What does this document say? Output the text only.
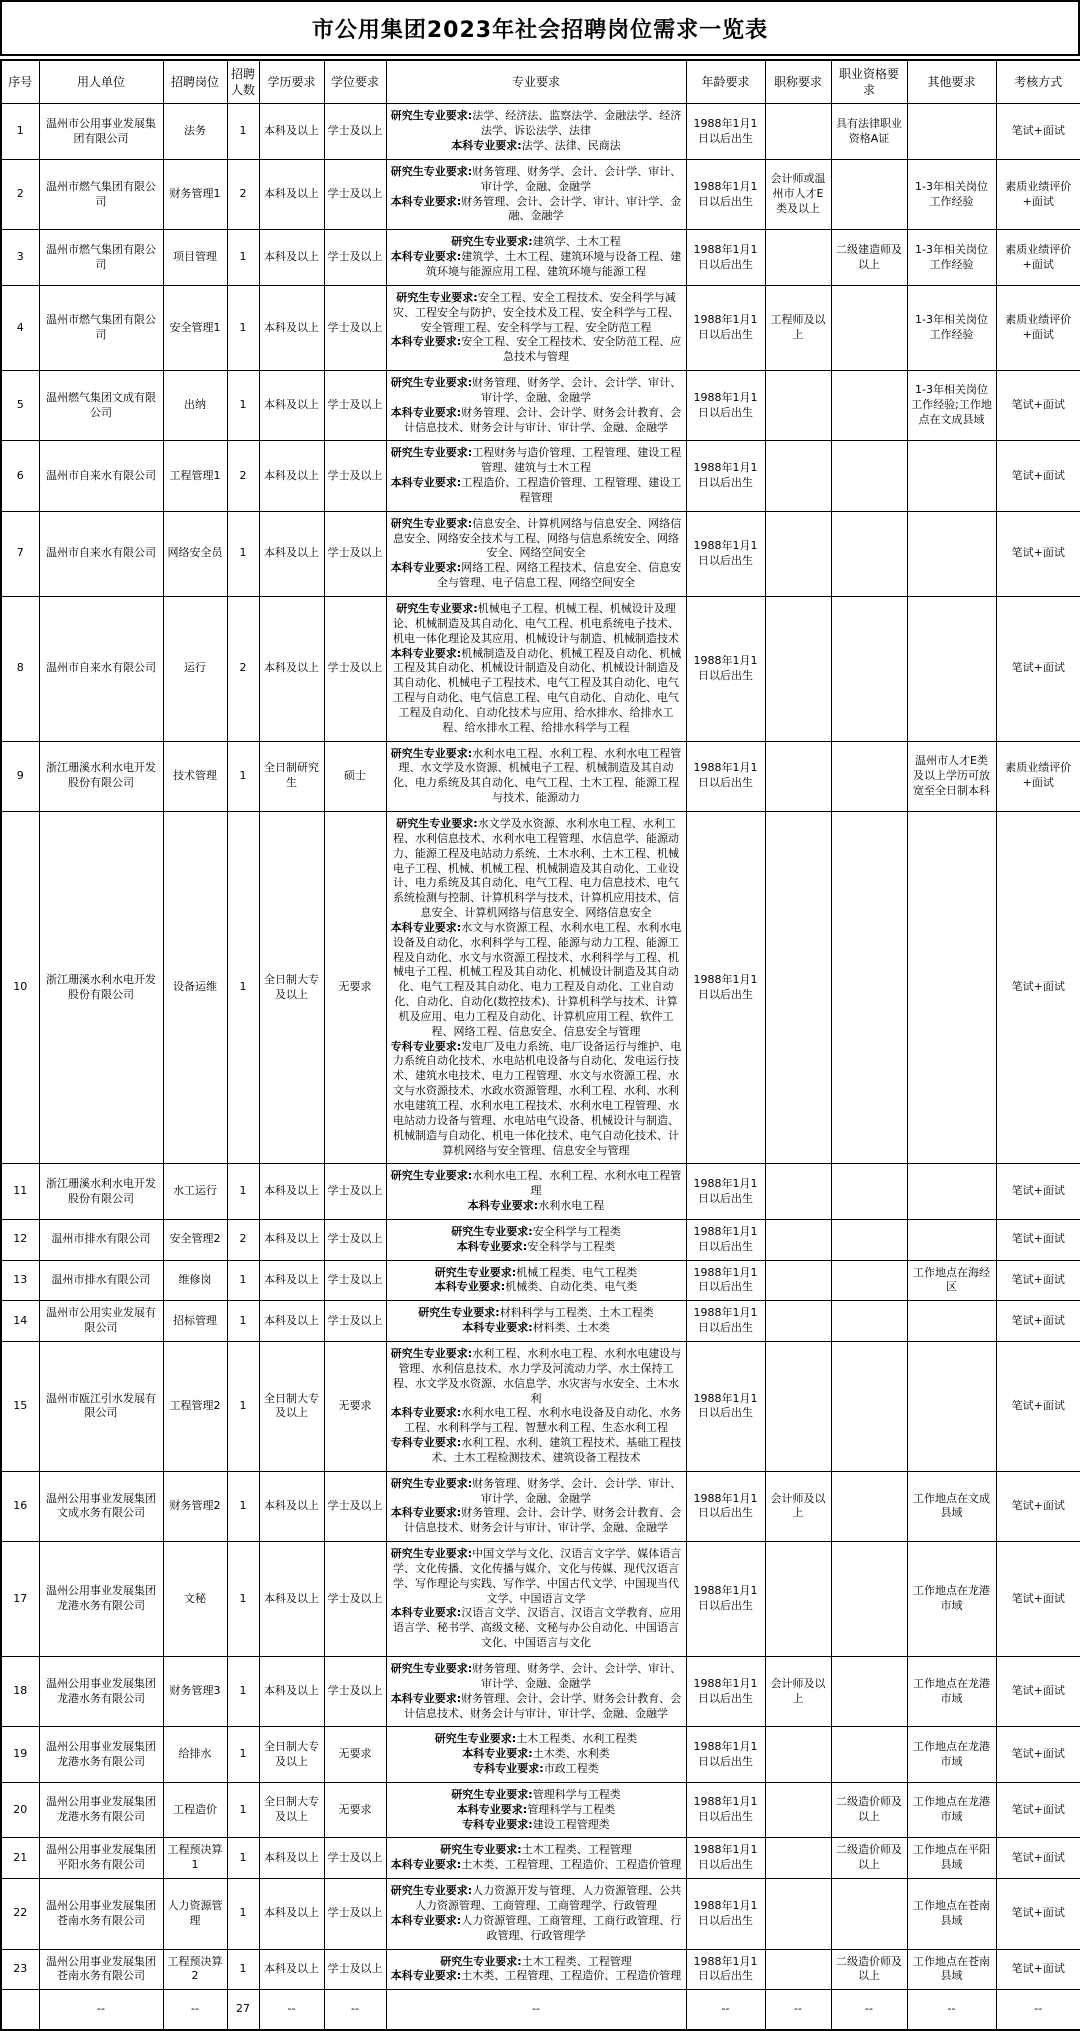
市公用集团2023年社会招聘岗位需求一览表
序号	用人单位	招聘岗位	招聘人数	学历要求	学位要求	专业要求	年龄要求	职称要求	职业资格要求	其他要求	考核方式
1	温州市公用事业发展集团有限公司	法务	1	本科及以上	学士及以上	研究生专业要求:法学、经济法、监察法学、金融法学、经济法学、诉讼法学、法律
本科专业要求:法学、法律、民商法	1988年1月1日以后出生		具有法律职业资格A证		笔试+面试
2	温州市燃气集团有限公司	财务管理1	2	本科及以上	学士及以上	研究生专业要求:财务管理、财务学、会计、会计学、审计、审计学、金融、金融学
本科专业要求:财务管理、会计、会计学、审计、审计学、金融、金融学	1988年1月1日以后出生	会计师或温州市人才E类及以上		1-3年相关岗位工作经验	素质业绩评价+面试
3	温州市燃气集团有限公司	项目管理	1	本科及以上	学士及以上	研究生专业要求:建筑学、土木工程
本科专业要求:建筑学、土木工程、建筑环境与设备工程、建筑环境与能源应用工程、建筑环境与能源工程	1988年1月1日以后出生		二级建造师及以上	1-3年相关岗位工作经验	素质业绩评价+面试
4	温州市燃气集团有限公司	安全管理1	1	本科及以上	学士及以上	研究生专业要求:安全工程、安全工程技术、安全科学与减灾、工程安全与防护、安全技术及工程、安全科学与工程、安全管理工程、安全科学与工程、安全防范工程
本科专业要求:安全工程、安全工程技术、安全防范工程、应急技术与管理	1988年1月1日以后出生	工程师及以上		1-3年相关岗位工作经验	素质业绩评价+面试
5	温州燃气集团文成有限公司	出纳	1	本科及以上	学士及以上	研究生专业要求:财务管理、财务学、会计、会计学、审计、审计学、金融、金融学
本科专业要求:财务管理、会计、会计学、财务会计教育、会计信息技术、财务会计与审计、审计学、金融、金融学	1988年1月1日以后出生			1-3年相关岗位工作经验;工作地点在文成县域	笔试+面试
6	温州市自来水有限公司	工程管理1	2	本科及以上	学士及以上	研究生专业要求:工程财务与造价管理、工程管理、建设工程管理、建筑与土木工程
本科专业要求:工程造价、工程造价管理、工程管理、建设工程管理	1988年1月1日以后出生				笔试+面试
7	温州市自来水有限公司	网络安全员	1	本科及以上	学士及以上	研究生专业要求:信息安全、计算机网络与信息安全、网络信息安全、网络安全技术与工程、网络与信息系统安全、网络安全、网络空间安全
本科专业要求:网络工程、网络工程技术、信息安全、信息安全与管理、电子信息工程、网络空间安全	1988年1月1日以后出生				笔试+面试
8	温州市自来水有限公司	运行	2	本科及以上	学士及以上	研究生专业要求:机械电子工程、机械工程、机械设计及理论、机械制造及其自动化、电气工程、机电系统电子技术、机电一体化理论及其应用、机械设计与制造、机械制造技术
本科专业要求:机械制造及自动化、机械工程及自动化、机械工程及其自动化、机械设计制造及自动化、机械设计制造及其自动化、机械电子工程技术、电气工程及其自动化、电气工程与自动化、电气信息工程、电气自动化、自动化、电气工程及自动化、自动化技术与应用、给水排水、给排水工程、给水排水工程、给排水科学与工程	1988年1月1日以后出生				笔试+面试
9	浙江珊溪水利水电开发股份有限公司	技术管理	1	全日制研究生	硕士	研究生专业要求:水利水电工程、水利工程、水利水电工程管理、水文学及水资源、机械电子工程、机械制造及其自动化、电力系统及其自动化、电气工程、土木工程、能源工程与技术、能源动力	1988年1月1日以后出生			温州市人才E类及以上学历可放宽至全日制本科	素质业绩评价+面试
10	浙江珊溪水利水电开发股份有限公司	设备运维	1	全日制大专及以上	无要求	研究生专业要求:水文学及水资源、水利水电工程、水利工程、水利信息技术、水利水电工程管理、水信息学、能源动力、能源工程及电站动力系统、土木水利、土木工程、机械电子工程、机械、机械工程、机械制造及其自动化、工业设计、电力系统及其自动化、电气工程、电力信息技术、电气系统检测与控制、计算机科学与技术、计算机应用技术、信息安全、计算机网络与信息安全、网络信息安全
本科专业要求:水文与水资源工程、水利水电工程、水利水电设备及自动化、水利科学与工程、能源与动力工程、能源工程及自动化、水文与水资源工程技术、水利科学与工程、机械电子工程、机械工程及其自动化、机械设计制造及其自动化、电气工程及其自动化、电力工程及自动化、工业自动化、自动化、自动化(数控技术)、计算机科学与技术、计算机及应用、电力工程及自动化、计算机应用工程、软件工程、网络工程、信息安全、信息安全与管理
专科专业要求:发电厂及电力系统、电厂设备运行与维护、电力系统自动化技术、水电站机电设备与自动化、发电运行技术、建筑水电技术、电力工程管理、水文与水资源工程、水文与水资源技术、水政水资源管理、水利工程、水利、水利水电建筑工程、水利水电工程技术、水利水电工程管理、水电站动力设备与管理、水电站电气设备、机械设计与制造、机械制造与自动化、机电一体化技术、电气自动化技术、计算机网络与安全管理、信息安全与管理	1988年1月1日以后出生				笔试+面试
11	浙江珊溪水利水电开发股份有限公司	水工运行	1	本科及以上	学士及以上	研究生专业要求:水利水电工程、水利工程、水利水电工程管理
本科专业要求:水利水电工程	1988年1月1日以后出生				笔试+面试
12	温州市排水有限公司	安全管理2	2	本科及以上	学士及以上	研究生专业要求:安全科学与工程类
本科专业要求:安全科学与工程类	1988年1月1日以后出生				笔试+面试
13	温州市排水有限公司	维修岗	1	本科及以上	学士及以上	研究生专业要求:机械工程类、电气工程类
本科专业要求:机械类、自动化类、电气类	1988年1月1日以后出生			工作地点在海经区	笔试+面试
14	温州市公用实业发展有限公司	招标管理	1	本科及以上	学士及以上	研究生专业要求:材料科学与工程类、土木工程类
本科专业要求:材料类、土木类	1988年1月1日以后出生				笔试+面试
15	温州市瓯江引水发展有限公司	工程管理2	1	全日制大专及以上	无要求	研究生专业要求:水利工程、水利水电工程、水利水电建设与管理、水利信息技术、水力学及河流动力学、水土保持工程、水文学及水资源、水信息学、水灾害与水安全、土木水利
本科专业要求:水利水电工程、水利水电设备及自动化、水务工程、水利科学与工程、智慧水利工程、生态水利工程
专科专业要求:水利工程、水利、建筑工程技术、基础工程技术、土木工程检测技术、建筑设备工程技术	1988年1月1日以后出生				笔试+面试
16	温州公用事业发展集团文成水务有限公司	财务管理2	1	本科及以上	学士及以上	研究生专业要求:财务管理、财务学、会计、会计学、审计、审计学、金融、金融学
本科专业要求:财务管理、会计、会计学、财务会计教育、会计信息技术、财务会计与审计、审计学、金融、金融学	1988年1月1日以后出生	会计师及以上		工作地点在文成县域	笔试+面试
17	温州公用事业发展集团龙港水务有限公司	文秘	1	本科及以上	学士及以上	研究生专业要求:中国文学与文化、汉语言文字学、媒体语言学、文化传播、文化传播与媒介、文化与传媒、现代汉语言学、写作理论与实践、写作学、中国古代文学、中国现当代文学、中国语言文学
本科专业要求:汉语言文学、汉语言、汉语言文学教育、应用语言学、秘书学、高级文秘、文秘与办公自动化、中国语言文化、中国语言与文化	1988年1月1日以后出生			工作地点在龙港市域	笔试+面试
18	温州公用事业发展集团龙港水务有限公司	财务管理3	1	本科及以上	学士及以上	研究生专业要求:财务管理、财务学、会计、会计学、审计、审计学、金融、金融学
本科专业要求:财务管理、会计、会计学、财务会计教育、会计信息技术、财务会计与审计、审计学、金融、金融学	1988年1月1日以后出生	会计师及以上		工作地点在龙港市域	笔试+面试
19	温州公用事业发展集团龙港水务有限公司	给排水	1	全日制大专及以上	无要求	研究生专业要求:土木工程类、水利工程类
本科专业要求:土木类、水利类
专科专业要求:市政工程类	1988年1月1日以后出生			工作地点在龙港市域	笔试+面试
20	温州公用事业发展集团龙港水务有限公司	工程造价	1	全日制大专及以上	无要求	研究生专业要求:管理科学与工程类
本科专业要求:管理科学与工程类
专科专业要求:建设工程管理类	1988年1月1日以后出生		二级造价师及以上	工作地点在龙港市域	笔试+面试
21	温州公用事业发展集团平阳水务有限公司	工程预决算1	1	本科及以上	学士及以上	研究生专业要求:土木工程类、工程管理
本科专业要求:土木类、工程管理、工程造价、工程造价管理	1988年1月1日以后出生		二级造价师及以上	工作地点在平阳县域	笔试+面试
22	温州公用事业发展集团苍南水务有限公司	人力资源管理	1	本科及以上	学士及以上	研究生专业要求:人力资源开发与管理、人力资源管理、公共人力资源管理、工商管理、工商管理学、行政管理
本科专业要求:人力资源管理、工商管理、工商行政管理、行政管理、行政管理学	1988年1月1日以后出生			工作地点在苍南县域	笔试+面试
23	温州公用事业发展集团苍南水务有限公司	工程预决算2	1	本科及以上	学士及以上	研究生专业要求:土木工程类、工程管理
本科专业要求:土木类、工程管理、工程造价、工程造价管理	1988年1月1日以后出生		二级造价师及以上	工作地点在苍南县域	笔试+面试
	--	--	27	--	--	--	--	--	--	--	--
